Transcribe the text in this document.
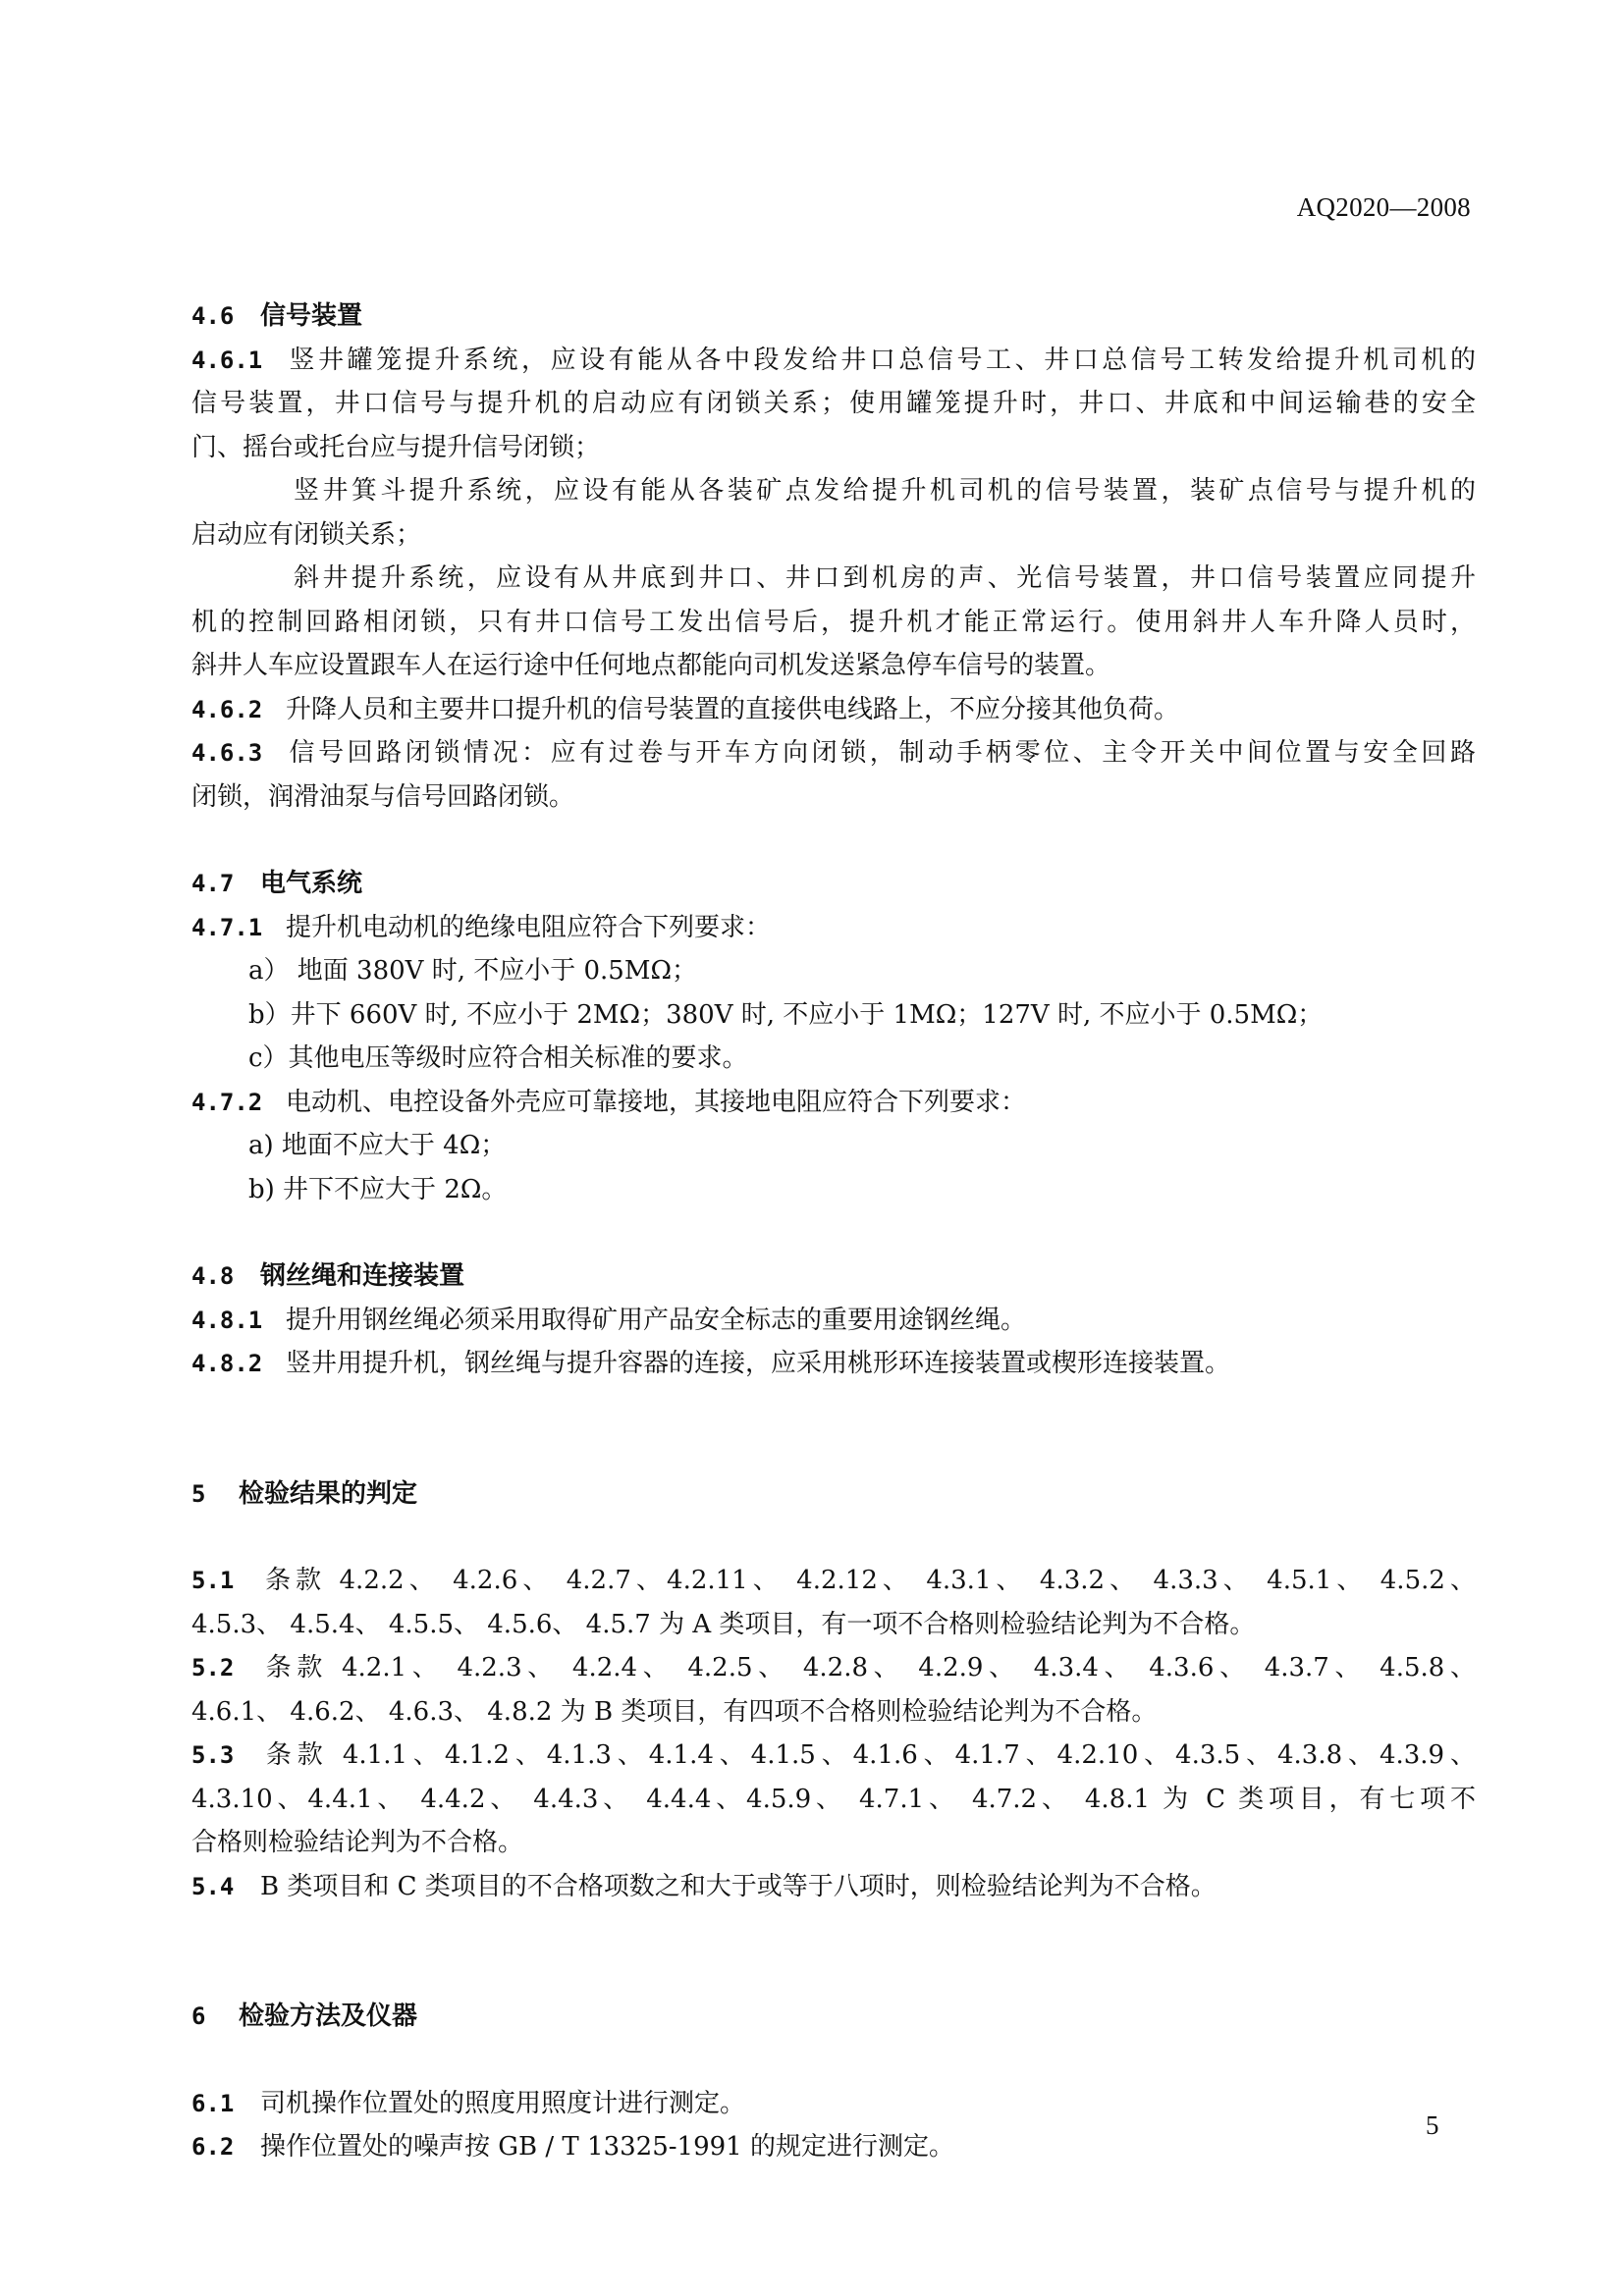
AQ2020—2008
4.6 信号装置
4.6.1 竖井罐笼提升系统，应设有能从各中段发给井口总信号工、井口总信号工转发给提升机司机的
信号装置，井口信号与提升机的启动应有闭锁关系；使用罐笼提升时，井口、井底和中间运输巷的安全
门、摇台或托台应与提升信号闭锁；
竖井箕斗提升系统，应设有能从各装矿点发给提升机司机的信号装置，装矿点信号与提升机的
启动应有闭锁关系；
斜井提升系统，应设有从井底到井口、井口到机房的声、光信号装置，井口信号装置应同提升
机的控制回路相闭锁，只有井口信号工发出信号后，提升机才能正常运行。使用斜井人车升降人员时，
斜井人车应设置跟车人在运行途中任何地点都能向司机发送紧急停车信号的装置。
4.6.2 升降人员和主要井口提升机的信号装置的直接供电线路上，不应分接其他负荷。
4.6.3 信号回路闭锁情况：应有过卷与开车方向闭锁，制动手柄零位、主令开关中间位置与安全回路
闭锁，润滑油泵与信号回路闭锁。
4.7 电气系统
4.7.1 提升机电动机的绝缘电阻应符合下列要求：
a） 地面 380V 时, 不应小于 0.5MΩ；
b）井下 660V 时, 不应小于 2MΩ；380V 时, 不应小于 1MΩ；127V 时, 不应小于 0.5MΩ；
c）其他电压等级时应符合相关标准的要求。
4.7.2 电动机、电控设备外壳应可靠接地，其接地电阻应符合下列要求：
a) 地面不应大于 4Ω；
b) 井下不应大于 2Ω。
4.8 钢丝绳和连接装置
4.8.1 提升用钢丝绳必须采用取得矿用产品安全标志的重要用途钢丝绳。
4.8.2 竖井用提升机，钢丝绳与提升容器的连接，应采用桃形环连接装置或楔形连接装置。
5 检验结果的判定
5.1 条款 4.2.2、 4.2.6、 4.2.7、4.2.11、 4.2.12、 4.3.1、 4.3.2、 4.3.3、 4.5.1、 4.5.2、
4.5.3、 4.5.4、 4.5.5、 4.5.6、 4.5.7 为 A 类项目，有一项不合格则检验结论判为不合格。
5.2 条款 4.2.1、 4.2.3、 4.2.4、 4.2.5、 4.2.8、 4.2.9、 4.3.4、 4.3.6、 4.3.7、 4.5.8、
4.6.1、 4.6.2、 4.6.3、 4.8.2 为 B 类项目，有四项不合格则检验结论判为不合格。
5.3 条款 4.1.1、4.1.2、4.1.3、4.1.4、4.1.5、4.1.6、4.1.7、4.2.10、4.3.5、4.3.8、4.3.9、
4.3.10、4.4.1、 4.4.2、 4.4.3、 4.4.4、4.5.9、 4.7.1、 4.7.2、 4.8.1 为 C 类项目，有七项不
合格则检验结论判为不合格。
5.4 B 类项目和 C 类项目的不合格项数之和大于或等于八项时，则检验结论判为不合格。
6 检验方法及仪器
6.1 司机操作位置处的照度用照度计进行测定。
6.2 操作位置处的噪声按 GB / T 13325-1991 的规定进行测定。
5
